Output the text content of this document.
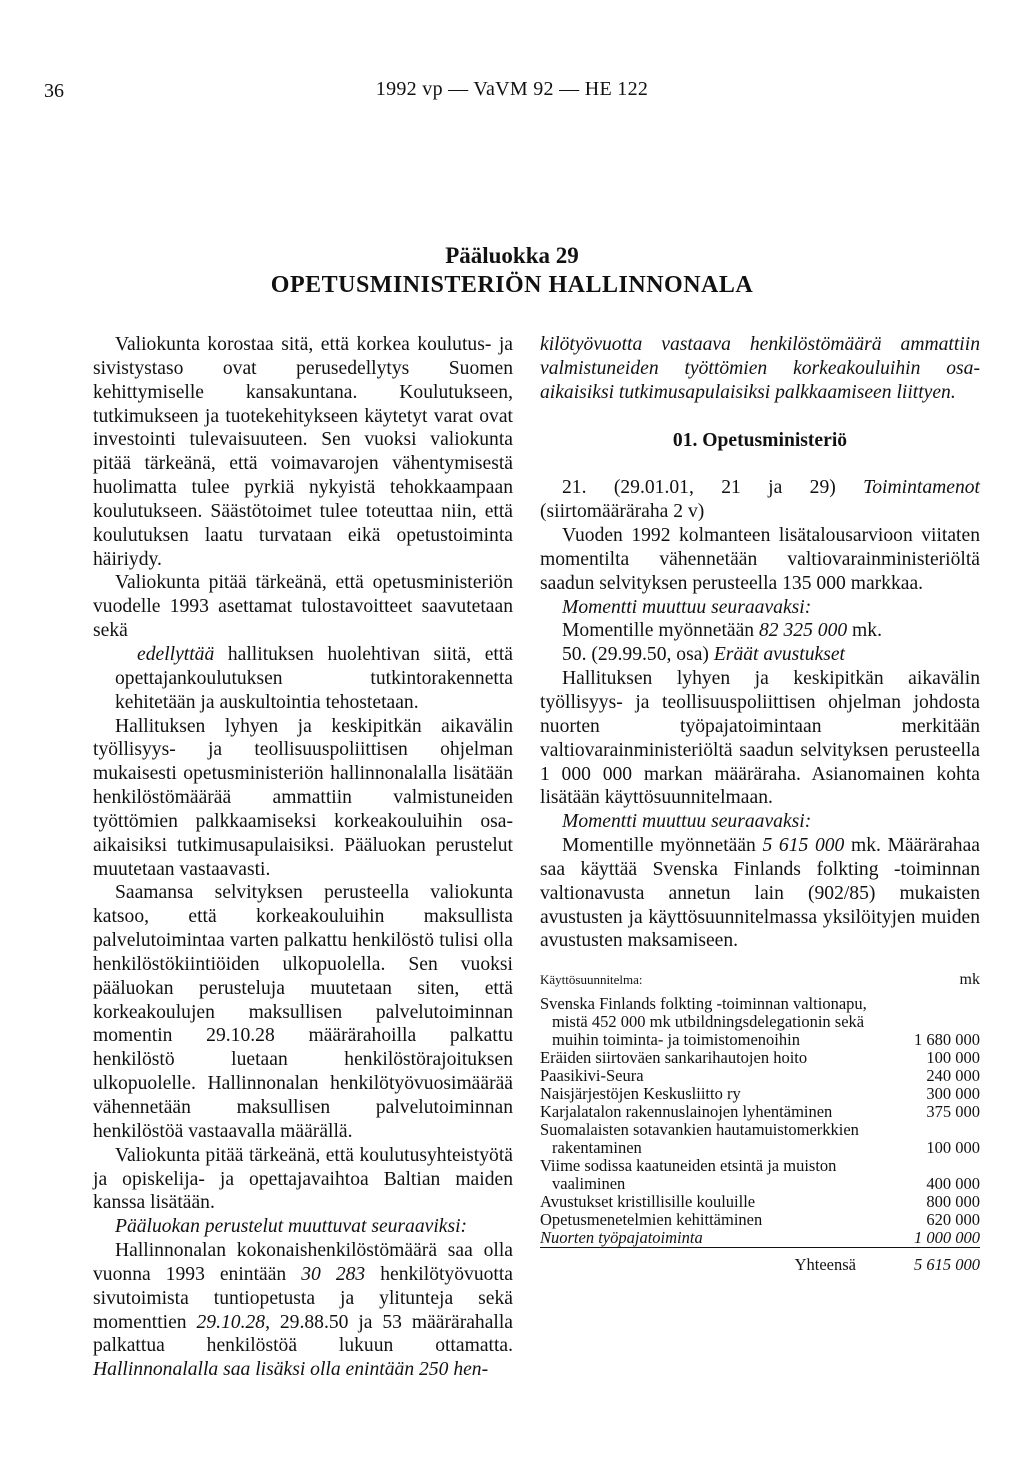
36	1992 vp — VaVM 92 — HE 122
Pääluokka 29
OPETUSMINISTERIÖN HALLINNONALA

Valiokunta korostaa sitä, että korkea koulutus- ja sivistystaso ovat perusedellytys Suomen kehittymiselle kansakuntana. Koulutukseen, tutkimukseen ja tuotekehitykseen käytetyt varat ovat investointi tulevaisuuteen. Sen vuoksi valiokunta pitää tärkeänä, että voimavarojen vähentymisestä huolimatta tulee pyrkiä nykyistä tehokkaampaan koulutukseen. Säästötoimet tulee toteuttaa niin, että koulutuksen laatu turvataan eikä opetustoiminta häiriydy.

Valiokunta pitää tärkeänä, että opetusministeriön vuodelle 1993 asettamat tulostavoitteet saavutetaan sekä

edellyttää hallituksen huolehtivan siitä, että opettajankoulutuksen tutkintorakennetta kehitetään ja auskultointia tehostetaan.

Hallituksen lyhyen ja keskipitkän aikavälin työllisyys- ja teollisuuspoliittisen ohjelman mukaisesti opetusministeriön hallinnonalalla lisätään henkilöstömäärää ammattiin valmistuneiden työttömien palkkaamiseksi korkeakouluihin osa-aikaisiksi tutkimusapulaisiksi. Pääluokan perustelut muutetaan vastaavasti.

Saamansa selvityksen perusteella valiokunta katsoo, että korkeakouluihin maksullista palvelutoimintaa varten palkattu henkilöstö tulisi olla henkilöstökiintiöiden ulkopuolella. Sen vuoksi pääluokan perusteluja muutetaan siten, että korkeakoulujen maksullisen palvelutoiminnan momentin 29.10.28 määrärahoilla palkattu henkilöstö luetaan henkilöstörajoituksen ulkopuolelle. Hallinnonalan henkilötyövuosimäärää vähennetään maksullisen palvelutoiminnan henkilöstöä vastaavalla määrällä.

Valiokunta pitää tärkeänä, että koulutusyhteistyötä ja opiskelija- ja opettajavaihtoa Baltian maiden kanssa lisätään.

Pääluokan perustelut muuttuvat seuraaviksi:

Hallinnonalan kokonaishenkilöstömäärä saa olla vuonna 1993 enintään 30 283 henkilötyövuotta sivutoimista tuntiopetusta ja ylitunteja sekä momenttien 29.10.28, 29.88.50 ja 53 määrärahalla palkattua henkilöstöä lukuun ottamatta. Hallinnonalalla saa lisäksi olla enintään 250 hen-

kilötyövuotta vastaava henkilöstömäärä ammattiin valmistuneiden työttömien korkeakouluihin osa-aikaisiksi tutkimusapulaisiksi palkkaamiseen liittyen.

01. Opetusministeriö

21. (29.01.01, 21 ja 29) Toimintamenot (siirtomääräraha 2 v)

Vuoden 1992 kolmanteen lisätalousarvioon viitaten momentilta vähennetään valtiovarainministeriöltä saadun selvityksen perusteella 135 000 markkaa.

Momentti muuttuu seuraavaksi:

Momentille myönnetään 82 325 000 mk.

50. (29.99.50, osa) Eräät avustukset

Hallituksen lyhyen ja keskipitkän aikavälin työllisyys- ja teollisuuspoliittisen ohjelman johdosta nuorten työpajatoimintaan merkitään valtiovarainministeriöltä saadun selvityksen perusteella 1 000 000 markan määräraha. Asianomainen kohta lisätään käyttösuunnitelmaan.

Momentti muuttuu seuraavaksi:

Momentille myönnetään 5 615 000 mk. Määrärahaa saa käyttää Svenska Finlands folkting -toiminnan valtionavusta annetun lain (902/85) mukaisten avustusten ja käyttösuunnitelmassa yksilöityjen muiden avustusten maksamiseen.

Käyttösuunnitelma:	mk
Svenska Finlands folkting -toiminnan valtionapu, mistä 452 000 mk utbildningsdelegationin sekä muihin toiminta- ja toimistomenoihin	1 680 000
Eräiden siirtoväen sankarihautojen hoito	100 000
Paasikivi-Seura	240 000
Naisjärjestöjen Keskusliitto ry	300 000
Karjalatalon rakennuslainojen lyhentäminen	375 000
Suomalaisten sotavankien hautamuistomerkkien rakentaminen	100 000
Viime sodissa kaatuneiden etsintä ja muiston vaaliminen	400 000
Avustukset kristillisille kouluille	800 000
Opetusmenetelmien kehittäminen	620 000
Nuorten työpajatoiminta	1 000 000
Yhteensä	5 615 000
